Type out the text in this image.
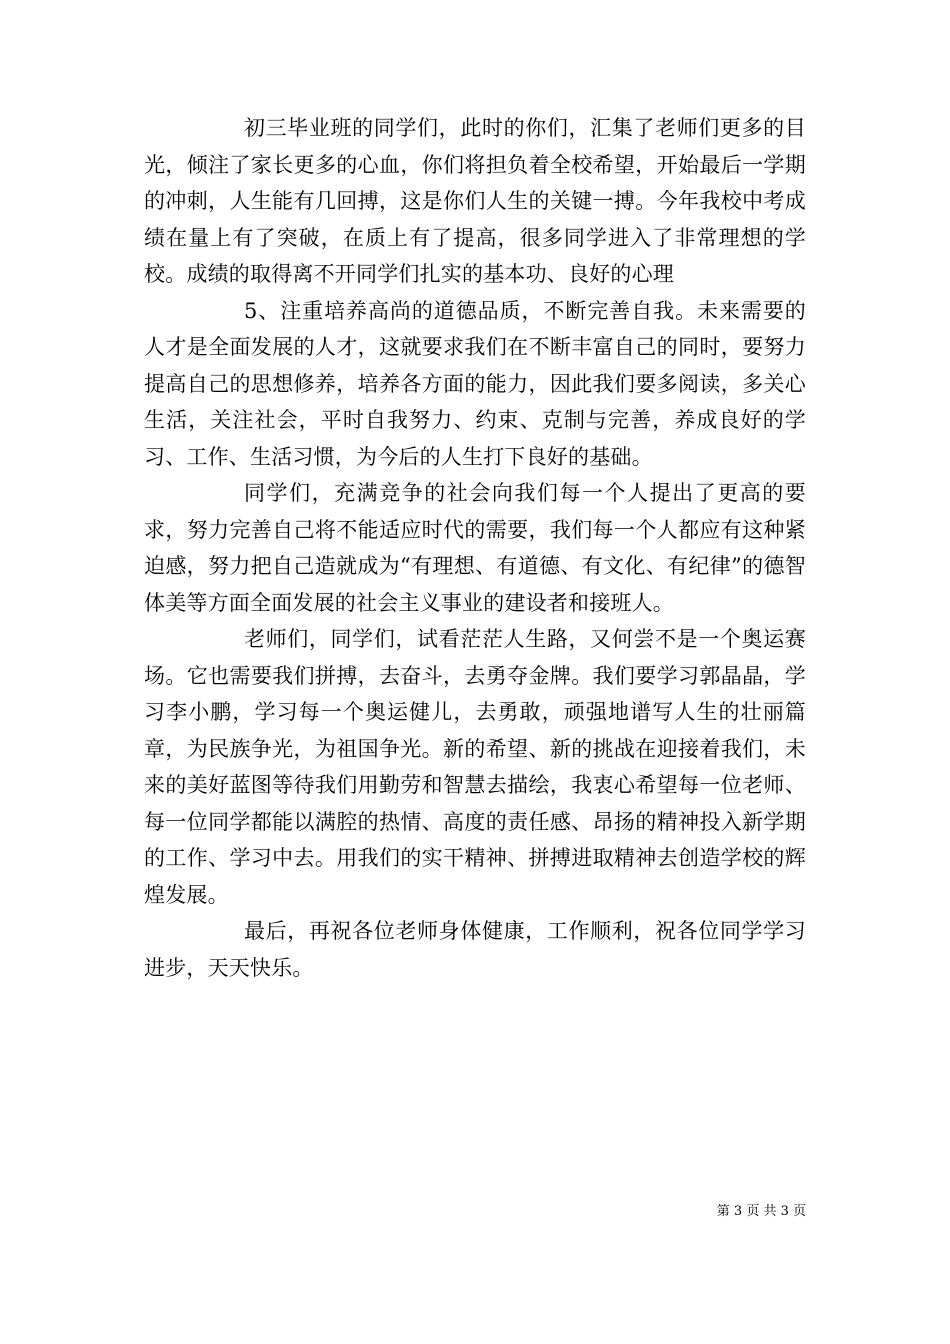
初三毕业班的同学们，此时的你们，汇集了老师们更多的目光，倾注了家长更多的心血，你们将担负着全校希望，开始最后一学期的冲刺，人生能有几回搏，这是你们人生的关键一搏。今年我校中考成绩在量上有了突破，在质上有了提高，很多同学进入了非常理想的学校。成绩的取得离不开同学们扎实的基本功、良好的心理

5、注重培养高尚的道德品质，不断完善自我。未来需要的人才是全面发展的人才，这就要求我们在不断丰富自己的同时，要努力提高自己的思想修养，培养各方面的能力，因此我们要多阅读，多关心生活，关注社会，平时自我努力、约束、克制与完善，养成良好的学习、工作、生活习惯，为今后的人生打下良好的基础。

同学们，充满竞争的社会向我们每一个人提出了更高的要求，努力完善自己将不能适应时代的需要，我们每一个人都应有这种紧迫感，努力把自己造就成为“有理想、有道德、有文化、有纪律”的德智体美等方面全面发展的社会主义事业的建设者和接班人。

老师们，同学们，试看茫茫人生路，又何尝不是一个奥运赛场。它也需要我们拼搏，去奋斗，去勇夺金牌。我们要学习郭晶晶，学习李小鹏，学习每一个奥运健儿，去勇敢，顽强地谱写人生的壮丽篇章，为民族争光，为祖国争光。新的希望、新的挑战在迎接着我们，未来的美好蓝图等待我们用勤劳和智慧去描绘，我衷心希望每一位老师、每一位同学都能以满腔的热情、高度的责任感、昂扬的精神投入新学期的工作、学习中去。用我们的实干精神、拼搏进取精神去创造学校的辉煌发展。

最后，再祝各位老师身体健康，工作顺利，祝各位同学学习进步，天天快乐。

第 3 页 共 3 页
